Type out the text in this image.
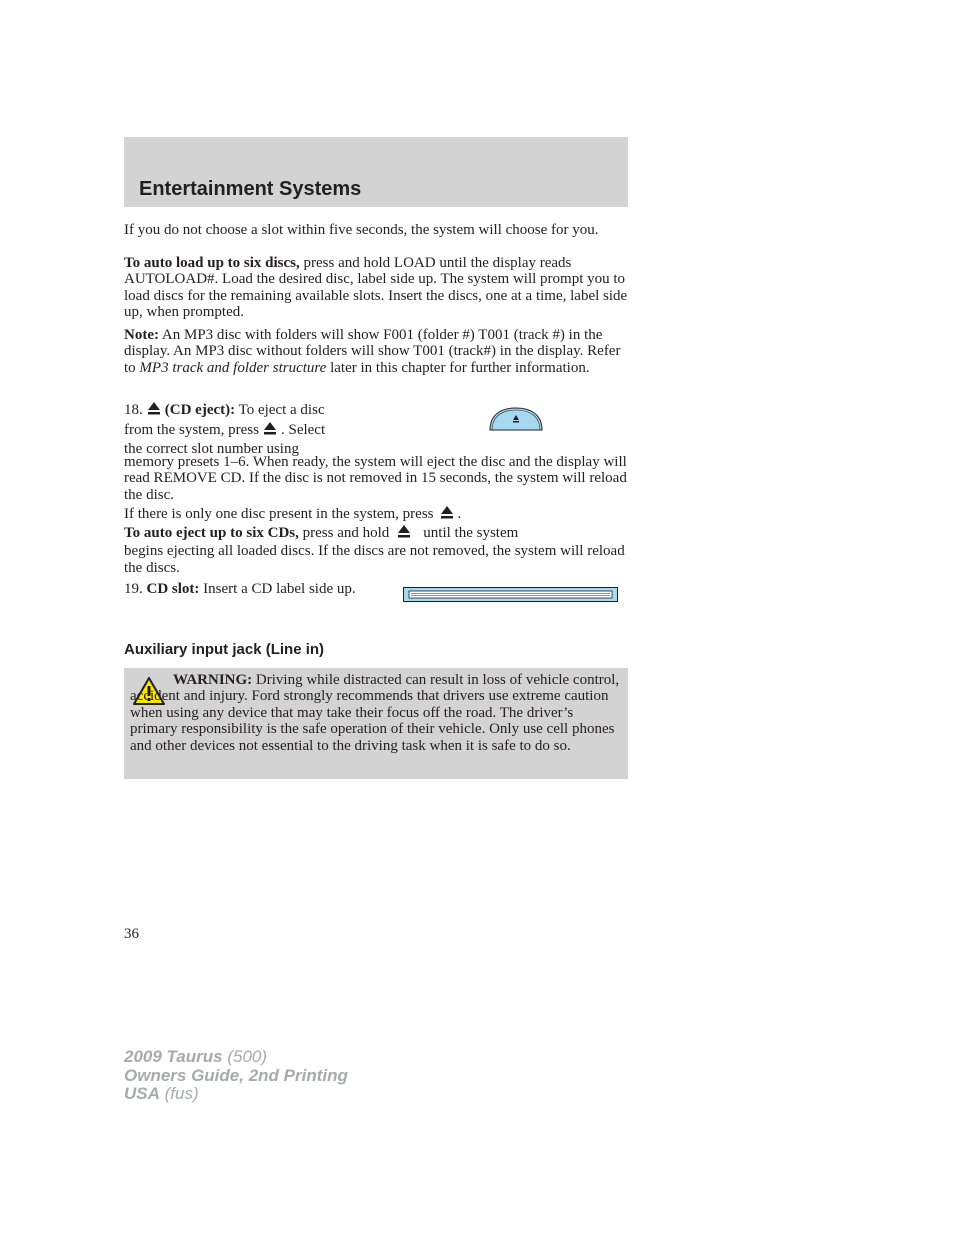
Entertainment Systems

If you do not choose a slot within five seconds, the system will choose for you.

To auto load up to six discs, press and hold LOAD until the display reads AUTOLOAD#. Load the desired disc, label side up. The system will prompt you to load discs for the remaining available slots. Insert the discs, one at a time, label side up, when prompted.

Note: An MP3 disc with folders will show F001 (folder #) T001 (track #) in the display. An MP3 disc without folders will show T001 (track#) in the display. Refer to MP3 track and folder structure later in this chapter for further information.

18. (CD eject): To eject a disc
from the system, press . Select
the correct slot number using

memory presets 1–6. When ready, the system will eject the disc and the display will read REMOVE CD. If the disc is not removed in 15 seconds, the system will reload the disc.

If there is only one disc present in the system, press .
To auto eject up to six CDs, press and hold until the system
begins ejecting all loaded discs. If the discs are not removed, the system will reload the discs.

19. CD slot: Insert a CD label side up.

Auxiliary input jack (Line in)

WARNING: Driving while distracted can result in loss of vehicle control, accident and injury. Ford strongly recommends that drivers use extreme caution when using any device that may take their focus off the road. The driver’s primary responsibility is the safe operation of their vehicle. Only use cell phones and other devices not essential to the driving task when it is safe to do so.

36

2009 Taurus (500)
Owners Guide, 2nd Printing
USA (fus)
